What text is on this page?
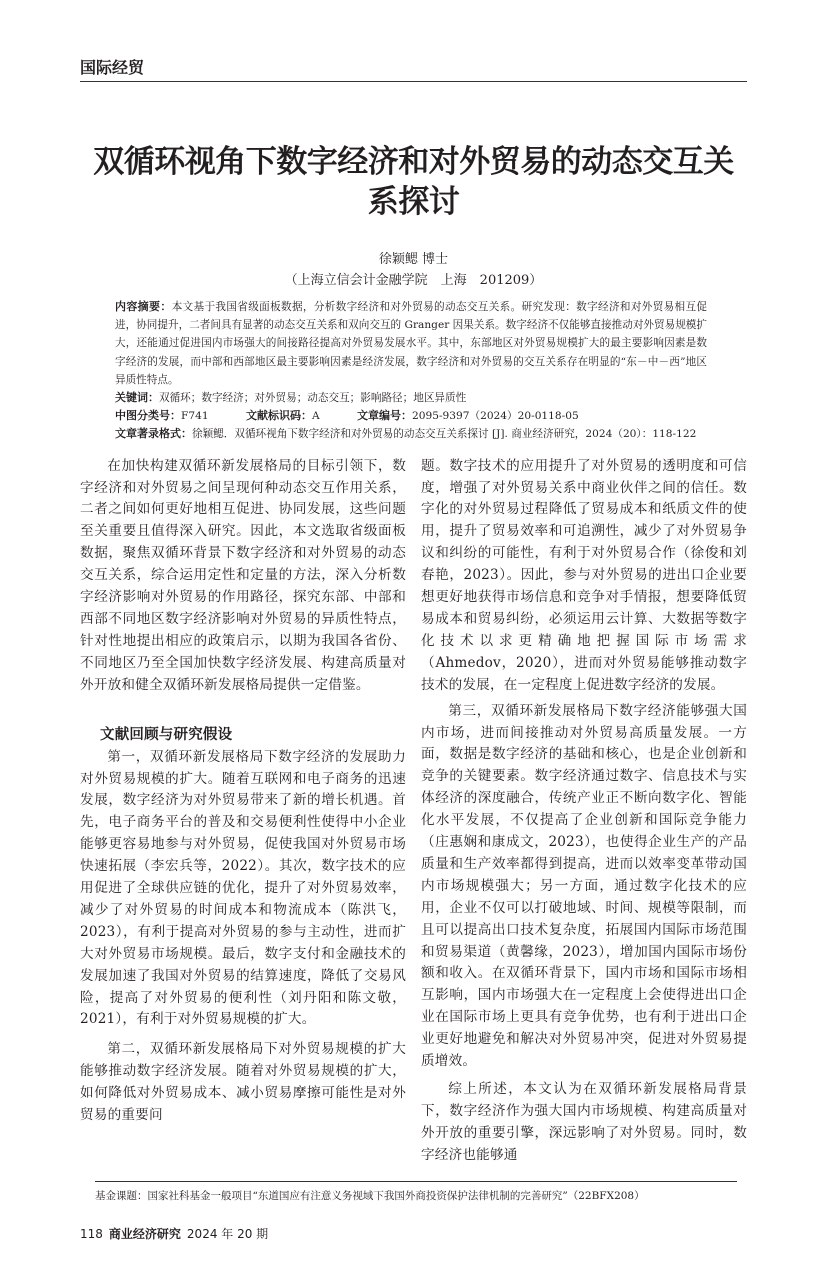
国际经贸
双循环视角下数字经济和对外贸易的动态交互关系探讨
徐颖鳃 博士
（上海立信会计金融学院　上海　201209）
内容摘要：本文基于我国省级面板数据，分析数字经济和对外贸易的动态交互关系。研究发现：数字经济和对外贸易相互促进，协同提升，二者间具有显著的动态交互关系和双向交互的 Granger 因果关系。数字经济不仅能够直接推动对外贸易规模扩大，还能通过促进国内市场强大的间接路径提高对外贸易发展水平。其中，东部地区对外贸易规模扩大的最主要影响因素是数字经济的发展，而中部和西部地区最主要影响因素是经济发展，数字经济和对外贸易的交互关系存在明显的“东－中－西”地区异质性特点。
关键词：双循环；数字经济；对外贸易；动态交互；影响路径；地区异质性
中图分类号：F741	文献标识码：A	文章编号：2095-9397（2024）20-0118-05
文章著录格式：徐颖鳃．双循环视角下数字经济和对外贸易的动态交互关系探讨 [J]. 商业经济研究，2024（20）：118-122

在加快构建双循环新发展格局的目标引领下，数字经济和对外贸易之间呈现何种动态交互作用关系，二者之间如何更好地相互促进、协同发展，这些问题至关重要且值得深入研究。因此，本文选取省级面板数据，聚焦双循环背景下数字经济和对外贸易的动态交互关系，综合运用定性和定量的方法，深入分析数字经济影响对外贸易的作用路径，探究东部、中部和西部不同地区数字经济影响对外贸易的异质性特点，针对性地提出相应的政策启示，以期为我国各省份、不同地区乃至全国加快数字经济发展、构建高质量对外开放和健全双循环新发展格局提供一定借鉴。

文献回顾与研究假设

第一，双循环新发展格局下数字经济的发展助力对外贸易规模的扩大。随着互联网和电子商务的迅速发展，数字经济为对外贸易带来了新的增长机遇。首先，电子商务平台的普及和交易便利性使得中小企业能够更容易地参与对外贸易，促使我国对外贸易市场快速拓展（李宏兵等，2022）。其次，数字技术的应用促进了全球供应链的优化，提升了对外贸易效率，减少了对外贸易的时间成本和物流成本（陈洪飞，2023），有利于提高对外贸易的参与主动性，进而扩大对外贸易市场规模。最后，数字支付和金融技术的发展加速了我国对外贸易的结算速度，降低了交易风险，提高了对外贸易的便利性（刘丹阳和陈文敬，2021），有利于对外贸易规模的扩大。

第二，双循环新发展格局下对外贸易规模的扩大能够推动数字经济发展。随着对外贸易规模的扩大，如何降低对外贸易成本、减小贸易摩擦可能性是对外贸易的重要问

题。数字技术的应用提升了对外贸易的透明度和可信度，增强了对外贸易关系中商业伙伴之间的信任。数字化的对外贸易过程降低了贸易成本和纸质文件的使用，提升了贸易效率和可追溯性，减少了对外贸易争议和纠纷的可能性，有利于对外贸易合作（徐俊和刘春艳，2023）。因此，参与对外贸易的进出口企业要想更好地获得市场信息和竞争对手情报，想要降低贸易成本和贸易纠纷，必须运用云计算、大数据等数字化技术以求更精确地把握国际市场需求（Ahmedov，2020），进而对外贸易能够推动数字技术的发展，在一定程度上促进数字经济的发展。

第三，双循环新发展格局下数字经济能够强大国内市场，进而间接推动对外贸易高质量发展。一方面，数据是数字经济的基础和核心，也是企业创新和竞争的关键要素。数字经济通过数字、信息技术与实体经济的深度融合，传统产业正不断向数字化、智能化水平发展，不仅提高了企业创新和国际竞争能力（庄惠娴和康成文，2023），也使得企业生产的产品质量和生产效率都得到提高，进而以效率变革带动国内市场规模强大；另一方面，通过数字化技术的应用，企业不仅可以打破地域、时间、规模等限制，而且可以提高出口技术复杂度，拓展国内国际市场范围和贸易渠道（黄馨缘，2023），增加国内国际市场份额和收入。在双循环背景下，国内市场和国际市场相互影响，国内市场强大在一定程度上会使得进出口企业在国际市场上更具有竞争优势，也有利于进出口企业更好地避免和解决对外贸易冲突，促进对外贸易提质增效。

综上所述，本文认为在双循环新发展格局背景下，数字经济作为强大国内市场规模、构建高质量对外开放的重要引擎，深远影响了对外贸易。同时，数字经济也能够通

基金课题：国家社科基金一般项目“东道国应有注意义务视域下我国外商投资保护法律机制的完善研究”（22BFX208）
118 商业经济研究 2024 年 20 期
